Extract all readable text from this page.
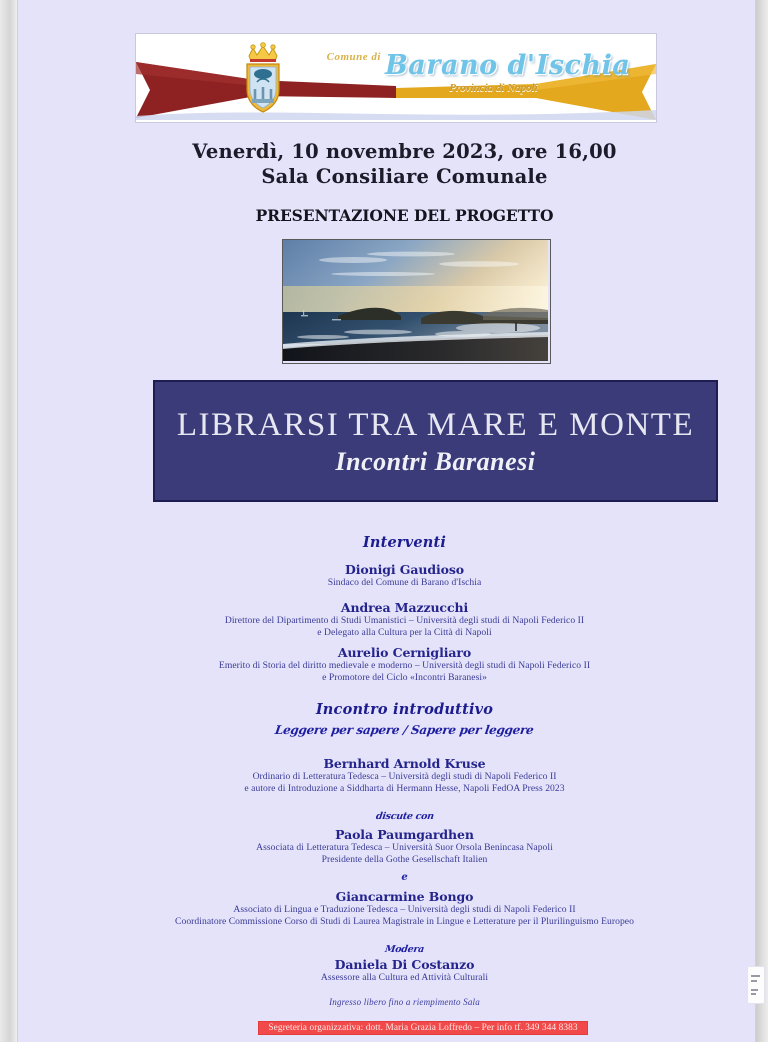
Comune di Barano d'Ischia
Provincia di Napoli
Venerdì, 10 novembre 2023, ore 16,00
Sala Consiliare Comunale
PRESENTAZIONE DEL PROGETTO
LIBRARSI TRA MARE E MONTE
Incontri Baranesi
Interventi
Dionigi Gaudioso
Sindaco del Comune di Barano d'Ischia
Andrea Mazzucchi
Direttore del Dipartimento di Studi Umanistici – Università degli studi di Napoli Federico II
e Delegato alla Cultura per la Città di Napoli
Aurelio Cernigliaro
Emerito di Storia del diritto medievale e moderno – Università degli studi di Napoli Federico II
e Promotore del Ciclo «Incontri Baranesi»
Incontro introduttivo
Leggere per sapere / Sapere per leggere
Bernhard Arnold Kruse
Ordinario di Letteratura Tedesca – Università degli studi di Napoli Federico II
e autore di Introduzione a Siddharta di Hermann Hesse, Napoli FedOA Press 2023
discute con
Paola Paumgardhen
Associata di Letteratura Tedesca – Università Suor Orsola Benincasa Napoli
Presidente della Gothe Gesellschaft Italien
e
Giancarmine Bongo
Associato di Lingua e Traduzione Tedesca – Università degli studi di Napoli Federico II
Coordinatore Commissione Corso di Studi di Laurea Magistrale in Lingue e Letterature per il Plurilinguismo Europeo
Modera
Daniela Di Costanzo
Assessore alla Cultura ed Attività Culturali
Ingresso libero fino a riempimento Sala
Segreteria organizzativa: dott. Maria Grazia Loffredo – Per info tf. 349 344 8383
